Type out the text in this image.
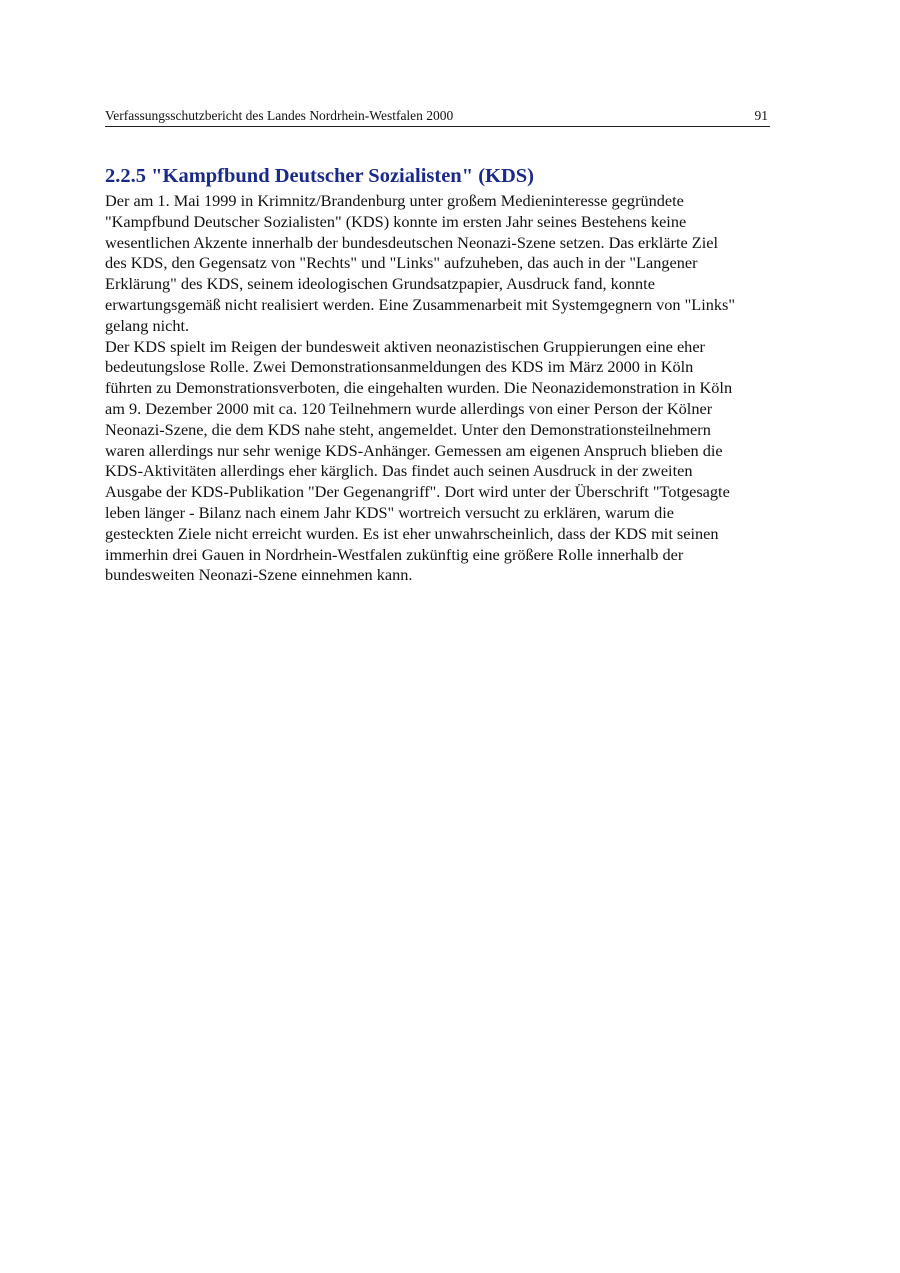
Verfassungsschutzbericht des Landes Nordrhein-Westfalen 2000	91
2.2.5 "Kampfbund Deutscher Sozialisten" (KDS)
Der am 1. Mai 1999 in Krimnitz/Brandenburg unter großem Medieninteresse gegründete
"Kampfbund Deutscher Sozialisten" (KDS) konnte im ersten Jahr seines Bestehens keine
wesentlichen Akzente innerhalb der bundesdeutschen Neonazi-Szene setzen. Das erklärte Ziel
des KDS, den Gegensatz von "Rechts" und "Links" aufzuheben, das auch in der "Langener
Erklärung" des KDS, seinem ideologischen Grundsatzpapier, Ausdruck fand, konnte
erwartungsgemäß nicht realisiert werden. Eine Zusammenarbeit mit Systemgegnern von "Links"
gelang nicht.
Der KDS spielt im Reigen der bundesweit aktiven neonazistischen Gruppierungen eine eher
bedeutungslose Rolle. Zwei Demonstrationsanmeldungen des KDS im März 2000 in Köln
führten zu Demonstrationsverboten, die eingehalten wurden. Die Neonazidemonstration in Köln
am 9. Dezember 2000 mit ca. 120 Teilnehmern wurde allerdings von einer Person der Kölner
Neonazi-Szene, die dem KDS nahe steht, angemeldet. Unter den Demonstrationsteilnehmern
waren allerdings nur sehr wenige KDS-Anhänger. Gemessen am eigenen Anspruch blieben die
KDS-Aktivitäten allerdings eher kärglich. Das findet auch seinen Ausdruck in der zweiten
Ausgabe der KDS-Publikation "Der Gegenangriff". Dort wird unter der Überschrift "Totgesagte
leben länger - Bilanz nach einem Jahr KDS" wortreich versucht zu erklären, warum die
gesteckten Ziele nicht erreicht wurden. Es ist eher unwahrscheinlich, dass der KDS mit seinen
immerhin drei Gauen in Nordrhein-Westfalen zukünftig eine größere Rolle innerhalb der
bundesweiten Neonazi-Szene einnehmen kann.
